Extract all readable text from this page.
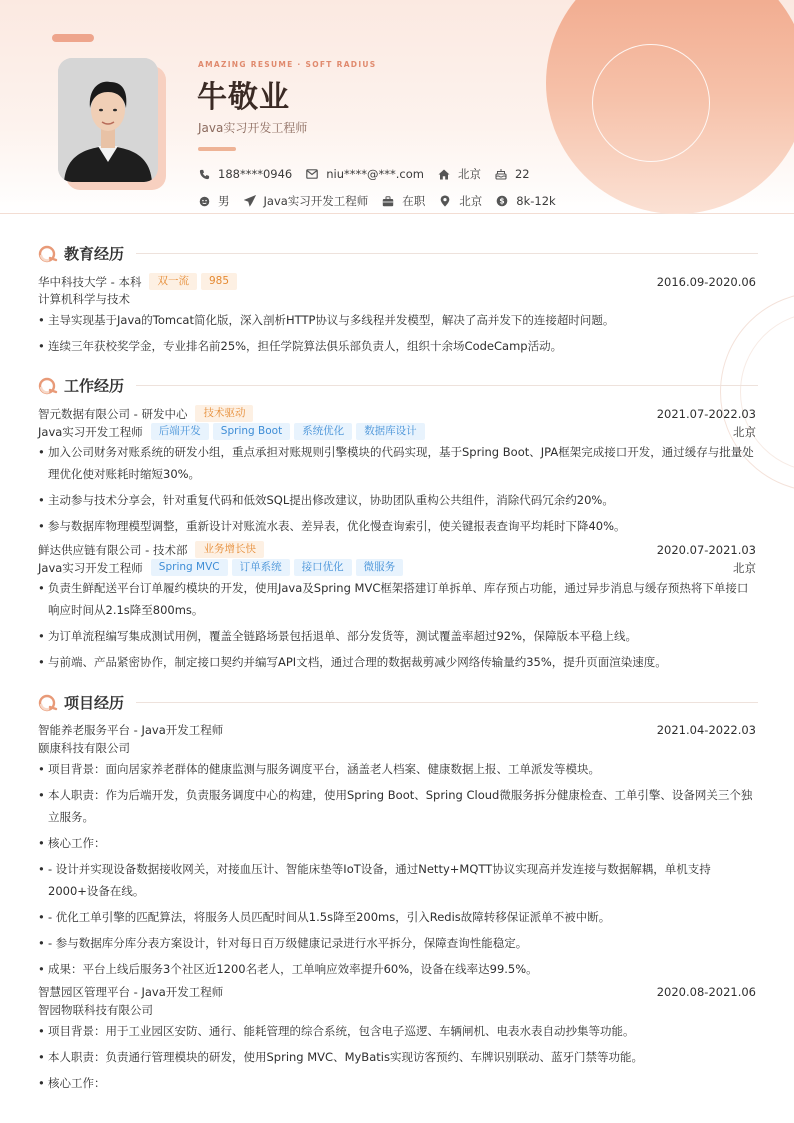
AMAZING RESUME · SOFT RADIUS
牛敬业
Java实习开发工程师
188****0946	niu****@***.com	北京	22
男	Java实习开发工程师	在职	北京 $ 8k-12k
教育经历
华中科技大学 - 本科	双一流	985	2016.09-2020.06
计算机科学与技术
• 主导实现基于Java的Tomcat简化版，深入剖析HTTP协议与多线程并发模型，解决了高并发下的连接超时问题。
• 连续三年获校奖学金，专业排名前25%，担任学院算法俱乐部负责人，组织十余场CodeCamp活动。
工作经历
智元数据有限公司 - 研发中心	技术驱动	2021.07-2022.03
Java实习开发工程师	后端开发	Spring Boot	系统优化	数据库设计	北京
• 加入公司财务对账系统的研发小组，重点承担对账规则引擎模块的代码实现，基于Spring Boot、JPA框架完成接口开发，通过缓存与批量处理优化使对账耗时缩短30%。
• 主动参与技术分享会，针对重复代码和低效SQL提出修改建议，协助团队重构公共组件，消除代码冗余约20%。
• 参与数据库物理模型调整，重新设计对账流水表、差异表，优化慢查询索引，使关键报表查询平均耗时下降40%。
鲜达供应链有限公司 - 技术部	业务增长快	2020.07-2021.03
Java实习开发工程师	Spring MVC	订单系统	接口优化	微服务	北京
• 负责生鲜配送平台订单履约模块的开发，使用Java及Spring MVC框架搭建订单拆单、库存预占功能，通过异步消息与缓存预热将下单接口响应时间从2.1s降至800ms。
• 为订单流程编写集成测试用例，覆盖全链路场景包括退单、部分发货等，测试覆盖率超过92%，保障版本平稳上线。
• 与前端、产品紧密协作，制定接口契约并编写API文档，通过合理的数据裁剪减少网络传输量约35%，提升页面渲染速度。
项目经历
智能养老服务平台 - Java开发工程师	2021.04-2022.03
颐康科技有限公司
• 项目背景：面向居家养老群体的健康监测与服务调度平台，涵盖老人档案、健康数据上报、工单派发等模块。
• 本人职责：作为后端开发，负责服务调度中心的构建，使用Spring Boot、Spring Cloud微服务拆分健康检查、工单引擎、设备网关三个独立服务。
• 核心工作：
• - 设计并实现设备数据接收网关，对接血压计、智能床垫等IoT设备，通过Netty+MQTT协议实现高并发连接与数据解耦，单机支持2000+设备在线。
• - 优化工单引擎的匹配算法，将服务人员匹配时间从1.5s降至200ms，引入Redis故障转移保证派单不被中断。
• - 参与数据库分库分表方案设计，针对每日百万级健康记录进行水平拆分，保障查询性能稳定。
• 成果：平台上线后服务3个社区近1200名老人，工单响应效率提升60%，设备在线率达99.5%。
智慧园区管理平台 - Java开发工程师	2020.08-2021.06
智园物联科技有限公司
• 项目背景：用于工业园区安防、通行、能耗管理的综合系统，包含电子巡逻、车辆闸机、电表水表自动抄集等功能。
• 本人职责：负责通行管理模块的研发，使用Spring MVC、MyBatis实现访客预约、车牌识别联动、蓝牙门禁等功能。
• 核心工作：
